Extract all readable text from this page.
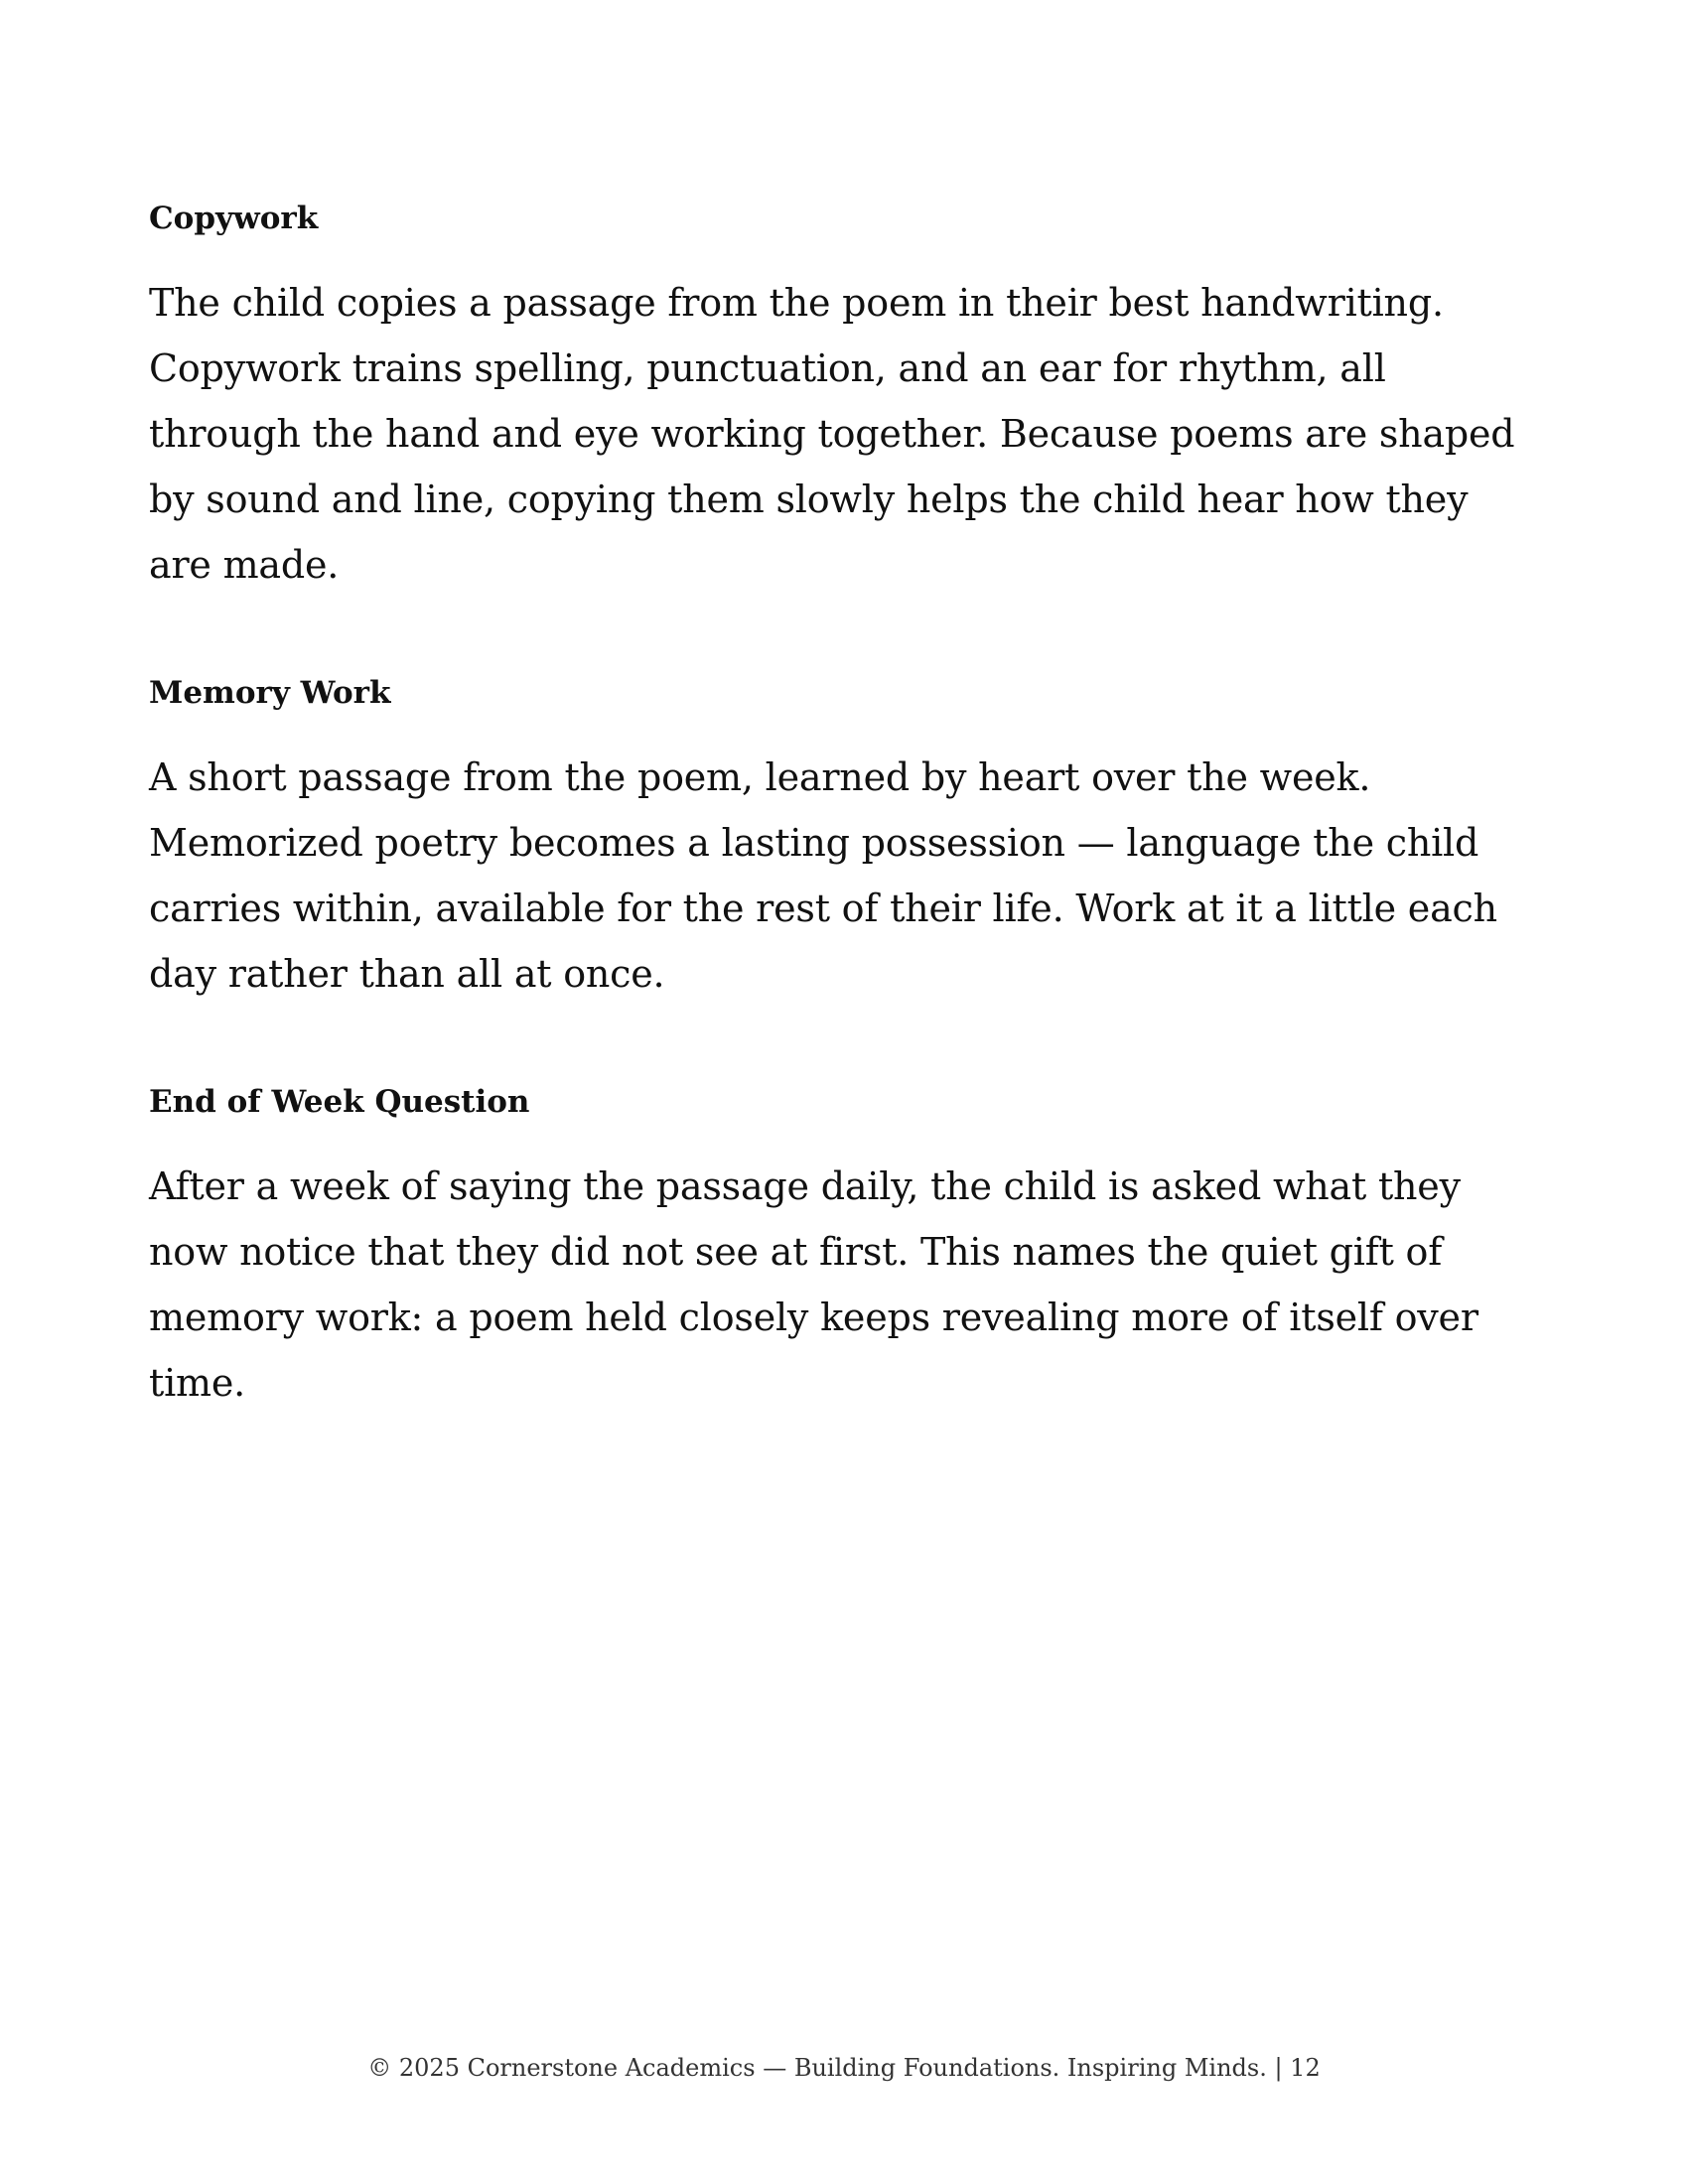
Copywork

The child copies a passage from the poem in their best handwriting. Copywork trains spelling, punctuation, and an ear for rhythm, all through the hand and eye working together. Because poems are shaped by sound and line, copying them slowly helps the child hear how they are made.

Memory Work

A short passage from the poem, learned by heart over the week. Memorized poetry becomes a lasting possession — language the child carries within, available for the rest of their life. Work at it a little each day rather than all at once.

End of Week Question

After a week of saying the passage daily, the child is asked what they now notice that they did not see at first. This names the quiet gift of memory work: a poem held closely keeps revealing more of itself over time.

© 2025 Cornerstone Academics — Building Foundations. Inspiring Minds. | 12
